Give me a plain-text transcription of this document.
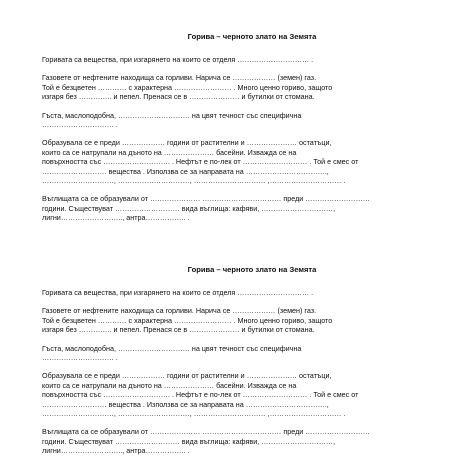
Горива – черното злато на Земята
Горивата са вещества, при изгарянето на които се отделя ………………………… .
Газовете от нефтените находища са горливи. Нарича се ……………… (земен) газ.
Той е безцветен ………… с характерна …………………… . Много ценно гориво, защото
изгаря без ………….. и пепел. Пренася се в ………………… и бутилки от стомана.
Гъста, маслоподобна, ………………………… на цвят течност със специфична
………………………… .
Образувала се е преди ……………… години от растителни и ………………… остатъци,
които са се натрупали на дъното на ………………… басейни. Изважда се на
повърхността със ………………………. . Нефтът е по-лек от ……………………… . Той е смес от
……………………… вещества . Използва се за направата на …………………………….,
…………………………, …………………………, ………………………… ,………………………… .
Въглищата са се образували от ………………… …………………………… преди ………………………
години. Съществуват ……………………… вида въглища: кафяви, …………………………,
лигни…………………….., антра…………….. .
Горива – черното злато на Земята
Горивата са вещества, при изгарянето на които се отделя ………………………… .
Газовете от нефтените находища са горливи. Нарича се ……………… (земен) газ.
Той е безцветен ………… с характерна …………………… . Много ценно гориво, защото
изгаря без ………….. и пепел. Пренася се в ………………… и бутилки от стомана.
Гъста, маслоподобна, ………………………… на цвят течност със специфична
………………………… .
Образувала се е преди ……………… години от растителни и ………………… остатъци,
които са се натрупали на дъното на ………………… басейни. Изважда се на
повърхността със ………………………. . Нефтът е по-лек от ……………………… . Той е смес от
……………………… вещества . Използва се за направата на …………………………….,
…………………………, …………………………, ………………………… ,………………………… .
Въглищата са се образували от ………………… …………………………… преди ………………………
години. Съществуват ……………………… вида въглища: кафяви, …………………………,
лигни…………………….., антра…………….. .
